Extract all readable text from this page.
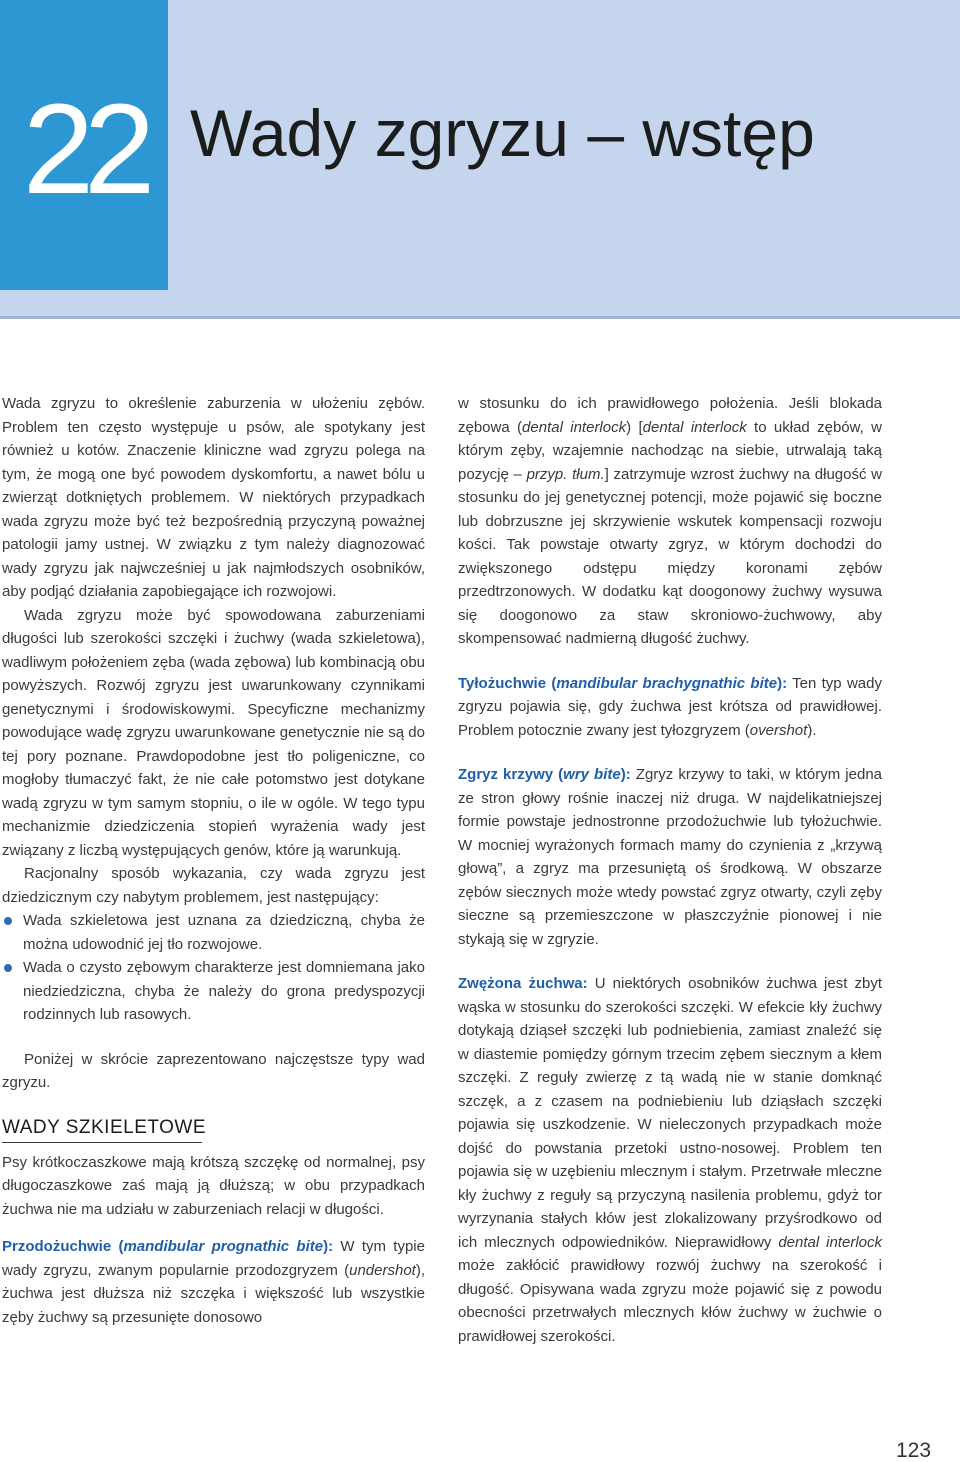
22 Wady zgryzu – wstęp

Wada zgryzu to określenie zaburzenia w ułożeniu zębów. Problem ten często występuje u psów, ale spotykany jest również u kotów. Znaczenie kliniczne wad zgryzu polega na tym, że mogą one być powodem dyskomfortu, a nawet bólu u zwierząt dotkniętych problemem. W niektórych przypadkach wada zgryzu może być też bezpośrednią przyczyną poważnej patologii jamy ustnej. W związku z tym należy diagnozować wady zgryzu jak najwcześniej u jak najmłodszych osobników, aby podjąć działania zapobiegające ich rozwojowi.

Wada zgryzu może być spowodowana zaburzeniami długości lub szerokości szczęki i żuchwy (wada szkieletowa), wadliwym położeniem zęba (wada zębowa) lub kombinacją obu powyższych. Rozwój zgryzu jest uwarunkowany czynnikami genetycznymi i środowiskowymi. Specyficzne mechanizmy powodujące wadę zgryzu uwarunkowane genetycznie nie są do tej pory poznane. Prawdopodobne jest tło poligeniczne, co mogłoby tłumaczyć fakt, że nie całe potomstwo jest dotykane wadą zgryzu w tym samym stopniu, o ile w ogóle. W tego typu mechanizmie dziedziczenia stopień wyrażenia wady jest związany z liczbą występujących genów, które ją warunkują.

Racjonalny sposób wykazania, czy wada zgryzu jest dziedzicznym czy nabytym problemem, jest następujący:

Wada szkieletowa jest uznana za dziedziczną, chyba że można udowodnić jej tło rozwojowe.
Wada o czysto zębowym charakterze jest domniemana jako niedziedziczna, chyba że należy do grona predyspozycji rodzinnych lub rasowych.

Poniżej w skrócie zaprezentowano najczęstsze typy wad zgryzu.

WADY SZKIELETOWE

Psy krótkoczaszkowe mają krótszą szczękę od normalnej, psy długoczaszkowe zaś mają ją dłuższą; w obu przypadkach żuchwa nie ma udziału w zaburzeniach relacji w długości.

Przodożuchwie (mandibular prognathic bite): W tym typie wady zgryzu, zwanym popularnie przodozgryzem (undershot), żuchwa jest dłuższa niż szczęka i większość lub wszystkie zęby żuchwy są przesunięte donosowo

w stosunku do ich prawidłowego położenia. Jeśli blokada zębowa (dental interlock) [dental interlock to układ zębów, w którym zęby, wzajemnie nachodząc na siebie, utrwalają taką pozycję – przyp. tłum.] zatrzymuje wzrost żuchwy na długość w stosunku do jej genetycznej potencji, może pojawić się boczne lub dobrzuszne jej skrzywienie wskutek kompensacji rozwoju kości. Tak powstaje otwarty zgryz, w którym dochodzi do zwiększonego odstępu między koronami zębów przedtrzonowych. W dodatku kąt doogonowy żuchwy wysuwa się doogonowo za staw skroniowo-żuchwowy, aby skompensować nadmierną długość żuchwy.

Tyłożuchwie (mandibular brachygnathic bite): Ten typ wady zgryzu pojawia się, gdy żuchwa jest krótsza od prawidłowej. Problem potocznie zwany jest tyłozgryzem (overshot).

Zgryz krzywy (wry bite): Zgryz krzywy to taki, w którym jedna ze stron głowy rośnie inaczej niż druga. W najdelikatniejszej formie powstaje jednostronne przodożuchwie lub tyłożuchwie. W mocniej wyrażonych formach mamy do czynienia z „krzywą głową”, a zgryz ma przesuniętą oś środkową. W obszarze zębów siecznych może wtedy powstać zgryz otwarty, czyli zęby sieczne są przemieszczone w płaszczyźnie pionowej i nie stykają się w zgryzie.

Zwężona żuchwa: U niektórych osobników żuchwa jest zbyt wąska w stosunku do szerokości szczęki. W efekcie kły żuchwy dotykają dziąseł szczęki lub podniebienia, zamiast znaleźć się w diastemie pomiędzy górnym trzecim zębem siecznym a kłem szczęki. Z reguły zwierzę z tą wadą nie w stanie domknąć szczęk, a z czasem na podniebieniu lub dziąsłach szczęki pojawia się uszkodzenie. W nieleczonych przypadkach może dojść do powstania przetoki ustno-nosowej. Problem ten pojawia się w uzębieniu mlecznym i stałym. Przetrwałe mleczne kły żuchwy z reguły są przyczyną nasilenia problemu, gdyż tor wyrzynania stałych kłów jest zlokalizowany przyśrodkowo od ich mlecznych odpowiedników. Nieprawidłowy dental interlock może zakłócić prawidłowy rozwój żuchwy na szerokość i długość. Opisywana wada zgryzu może pojawić się z powodu obecności przetrwałych mlecznych kłów żuchwy w żuchwie o prawidłowej szerokości.

123
